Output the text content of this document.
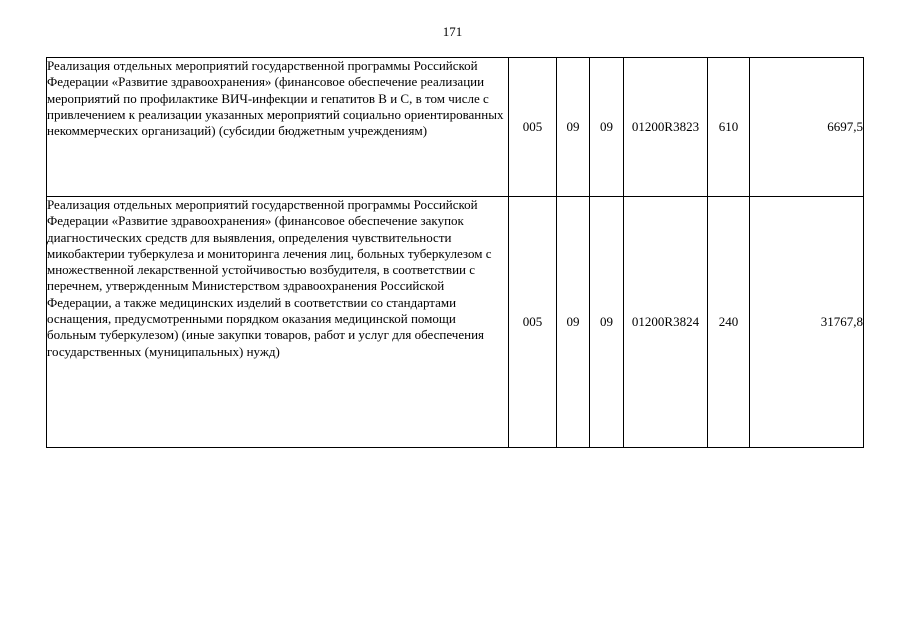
171
Реализация отдельных мероприятий государственной программы Российской Федерации «Развитие здравоохранения» (финансовое обеспечение реализации мероприятий по профилактике ВИЧ-инфекции и гепатитов В и С, в том числе с привлечением к реализации указанных мероприятий социально ориентированных некоммерческих организаций) (субсидии бюджетным учреждениям)	005	09	09	01200R3823	610	6697,5
Реализация отдельных мероприятий государственной программы Российской Федерации «Развитие здравоохранения» (финансовое обеспечение закупок диагностических средств для выявления, определения чувствительности микобактерии туберкулеза и мониторинга лечения лиц, больных туберкулезом с множественной лекарственной устойчивостью возбудителя, в соответствии с перечнем, утвержденным Министерством здравоохранения Российской Федерации, а также медицинских изделий в соответствии со стандартами оснащения, предусмотренными порядком оказания медицинской помощи больным туберкулезом) (иные закупки товаров, работ и услуг для обеспечения государственных (муниципальных) нужд)	005	09	09	01200R3824	240	31767,8
